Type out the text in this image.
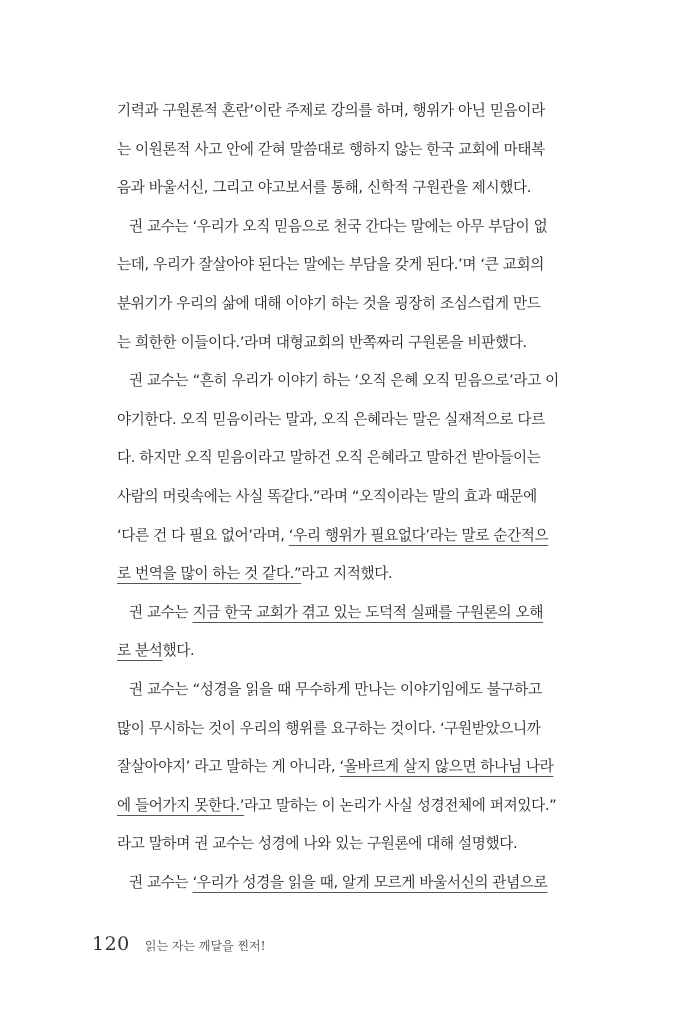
기력과 구원론적 혼란’이란 주제로 강의를 하며, 행위가 아닌 믿음이라
는 이원론적 사고 안에 갇혀 말씀대로 행하지 않는 한국 교회에 마태복
음과 바울서신, 그리고 야고보서를 통해, 신학적 구원관을 제시했다.
권 교수는 ‘우리가 오직 믿음으로 천국 간다는 말에는 아무 부담이 없
는데, 우리가 잘살아야 된다는 말에는 부담을 갖게 된다.’며 ‘큰 교회의
분위기가 우리의 삶에 대해 이야기 하는 것을 굉장히 조심스럽게 만드
는 희한한 이들이다.’라며 대형교회의 반쪽짜리 구원론을 비판했다.
권 교수는 “흔히 우리가 이야기 하는 ‘오직 은혜 오직 믿음으로’라고 이
야기한다. 오직 믿음이라는 말과, 오직 은혜라는 말은 실재적으로 다르
다. 하지만 오직 믿음이라고 말하건 오직 은혜라고 말하건 받아들이는
사람의 머릿속에는 사실 똑같다.”라며 “오직이라는 말의 효과 때문에
‘다른 건 다 필요 없어’라며, ‘우리 행위가 필요없다’라는 말로 순간적으
로 번역을 많이 하는 것 같다.”라고 지적했다.
권 교수는 지금 한국 교회가 겪고 있는 도덕적 실패를 구원론의 오해
로 분석했다.
권 교수는 “성경을 읽을 때 무수하게 만나는 이야기임에도 불구하고
많이 무시하는 것이 우리의 행위를 요구하는 것이다. ‘구원받았으니까
잘살아야지’ 라고 말하는 게 아니라, ‘올바르게 살지 않으면 하나님 나라
에 들어가지 못한다.’라고 말하는 이 논리가 사실 성경전체에 퍼져있다.”
라고 말하며 권 교수는 성경에 나와 있는 구원론에 대해 설명했다.
권 교수는 ‘우리가 성경을 읽을 때, 알게 모르게 바울서신의 관념으로
120 읽는 자는 깨달을 찐저!
